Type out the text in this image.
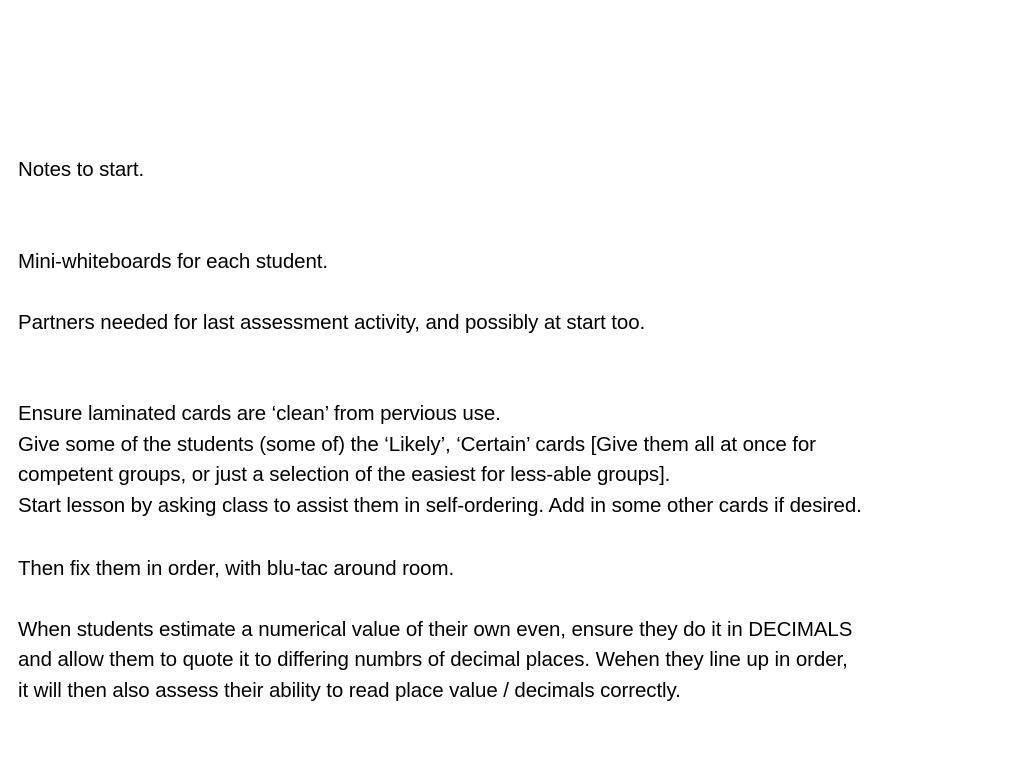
Notes to start.
Mini-whiteboards for each student.
Partners needed for last assessment activity, and possibly at start too.
Ensure laminated cards are ‘clean’ from pervious use.
Give some of the students (some of) the ‘Likely’, ‘Certain’ cards [Give them all at once for
competent groups, or just a selection of the easiest for less-able groups].
Start lesson by asking class to assist them in self-ordering. Add in some other cards if desired.
Then fix them in order, with blu-tac around room.
When students estimate a numerical value of their own even, ensure they do it in DECIMALS
and allow them to quote it to differing numbrs of decimal places. Wehen they line up in order,
it will then also assess their ability to read place value / decimals correctly.
